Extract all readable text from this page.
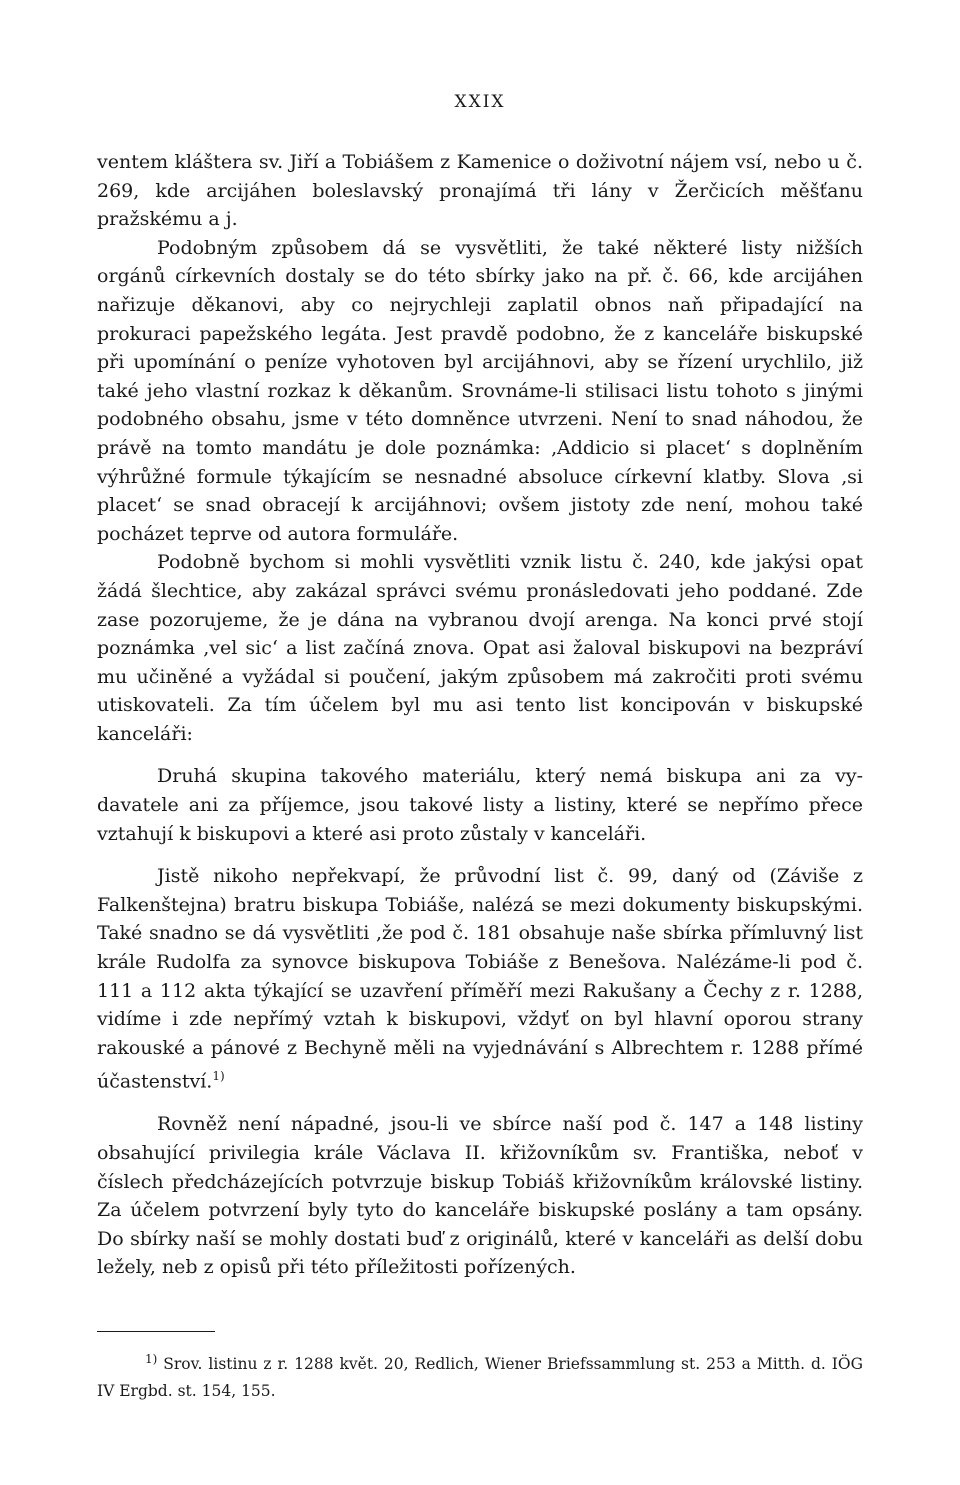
XXIX

ventem kláštera sv. Jiří a Tobiášem z Kamenice o doživotní nájem vsí, nebo u č. 269, kde arcijáhen boleslavský pronajímá tři lány v Žerčicích měšťanu pražskému a j.

Podobným způsobem dá se vysvětliti, že také některé listy nižších orgánů církevních dostaly se do této sbírky jako na př. č. 66, kde arcijáhen nařizuje děkanovi, aby co nejrychleji zaplatil obnos naň připadající na prokuraci papežského legáta. Jest pravdě podobno, že z kanceláře biskupské při upomínání o peníze vyhotoven byl arcijáhnovi, aby se řízení urychlilo, již také jeho vlastní rozkaz k děkanům. Srovnáme-li stilisaci listu tohoto s jinými podobného obsahu, jsme v této domněnce utvrzeni. Není to snad náhodou, že právě na tomto mandátu je dole poznámka: ‚Addicio si placet‘ s doplněním výhrůžné formule týkajícím se nesnadné absoluce církevní klatby. Slova ‚si placet‘ se snad obracejí k arcijáhnovi; ovšem jistoty zde není, mohou také pocházet teprve od autora formuláře.

Podobně bychom si mohli vysvětliti vznik listu č. 240, kde jakýsi opat žádá šlechtice, aby zakázal správci svému pronásledovati jeho poddané. Zde zase pozorujeme, že je dána na vybranou dvojí arenga. Na konci prvé stojí poznámka ‚vel sic‘ a list začíná znova. Opat asi žaloval biskupovi na bezpráví mu učiněné a vyžádal si poučení, jakým způsobem má zakročiti proti svému utiskovateli. Za tím účelem byl mu asi tento list koncipován v biskupské kanceláři:

Druhá skupina takového materiálu, který nemá biskupa ani za vydavatele ani za příjemce, jsou takové listy a listiny, které se nepřímo přece vztahují k biskupovi a které asi proto zůstaly v kanceláři.

Jistě nikoho nepřekvapí, že průvodní list č. 99, daný od (Záviše z Falkenštejna) bratru biskupa Tobiáše, nalézá se mezi dokumenty biskupskými. Také snadno se dá vysvětliti ,že pod č. 181 obsahuje naše sbírka přímluvný list krále Rudolfa za synovce biskupova Tobiáše z Benešova. Nalézáme-li pod č. 111 a 112 akta týkající se uzavření příměří mezi Rakušany a Čechy z r. 1288, vidíme i zde nepřímý vztah k biskupovi, vždyť on byl hlavní oporou strany rakouské a pánové z Bechyně měli na vyjednávání s Albrechtem r. 1288 přímé účastenství.$^{1)}$

Rovněž není nápadné, jsou-li ve sbírce naší pod č. 147 a 148 listiny obsahující privilegia krále Václava II. křižovníkům sv. Františka, neboť v číslech předcházejících potvrzuje biskup Tobiáš křižovníkům královské listiny. Za účelem potvrzení byly tyto do kanceláře biskupské poslány a tam opsány. Do sbírky naší se mohly dostati buď z originálů, které v kanceláři as delší dobu ležely, neb z opisů při této příležitosti pořízených.

$^{1)}$ Srov. listinu z r. 1288 květ. 20, Redlich, Wiener Briefssammlung st. 253 a Mitth. d. IÖG IV Ergbd. st. 154, 155.
